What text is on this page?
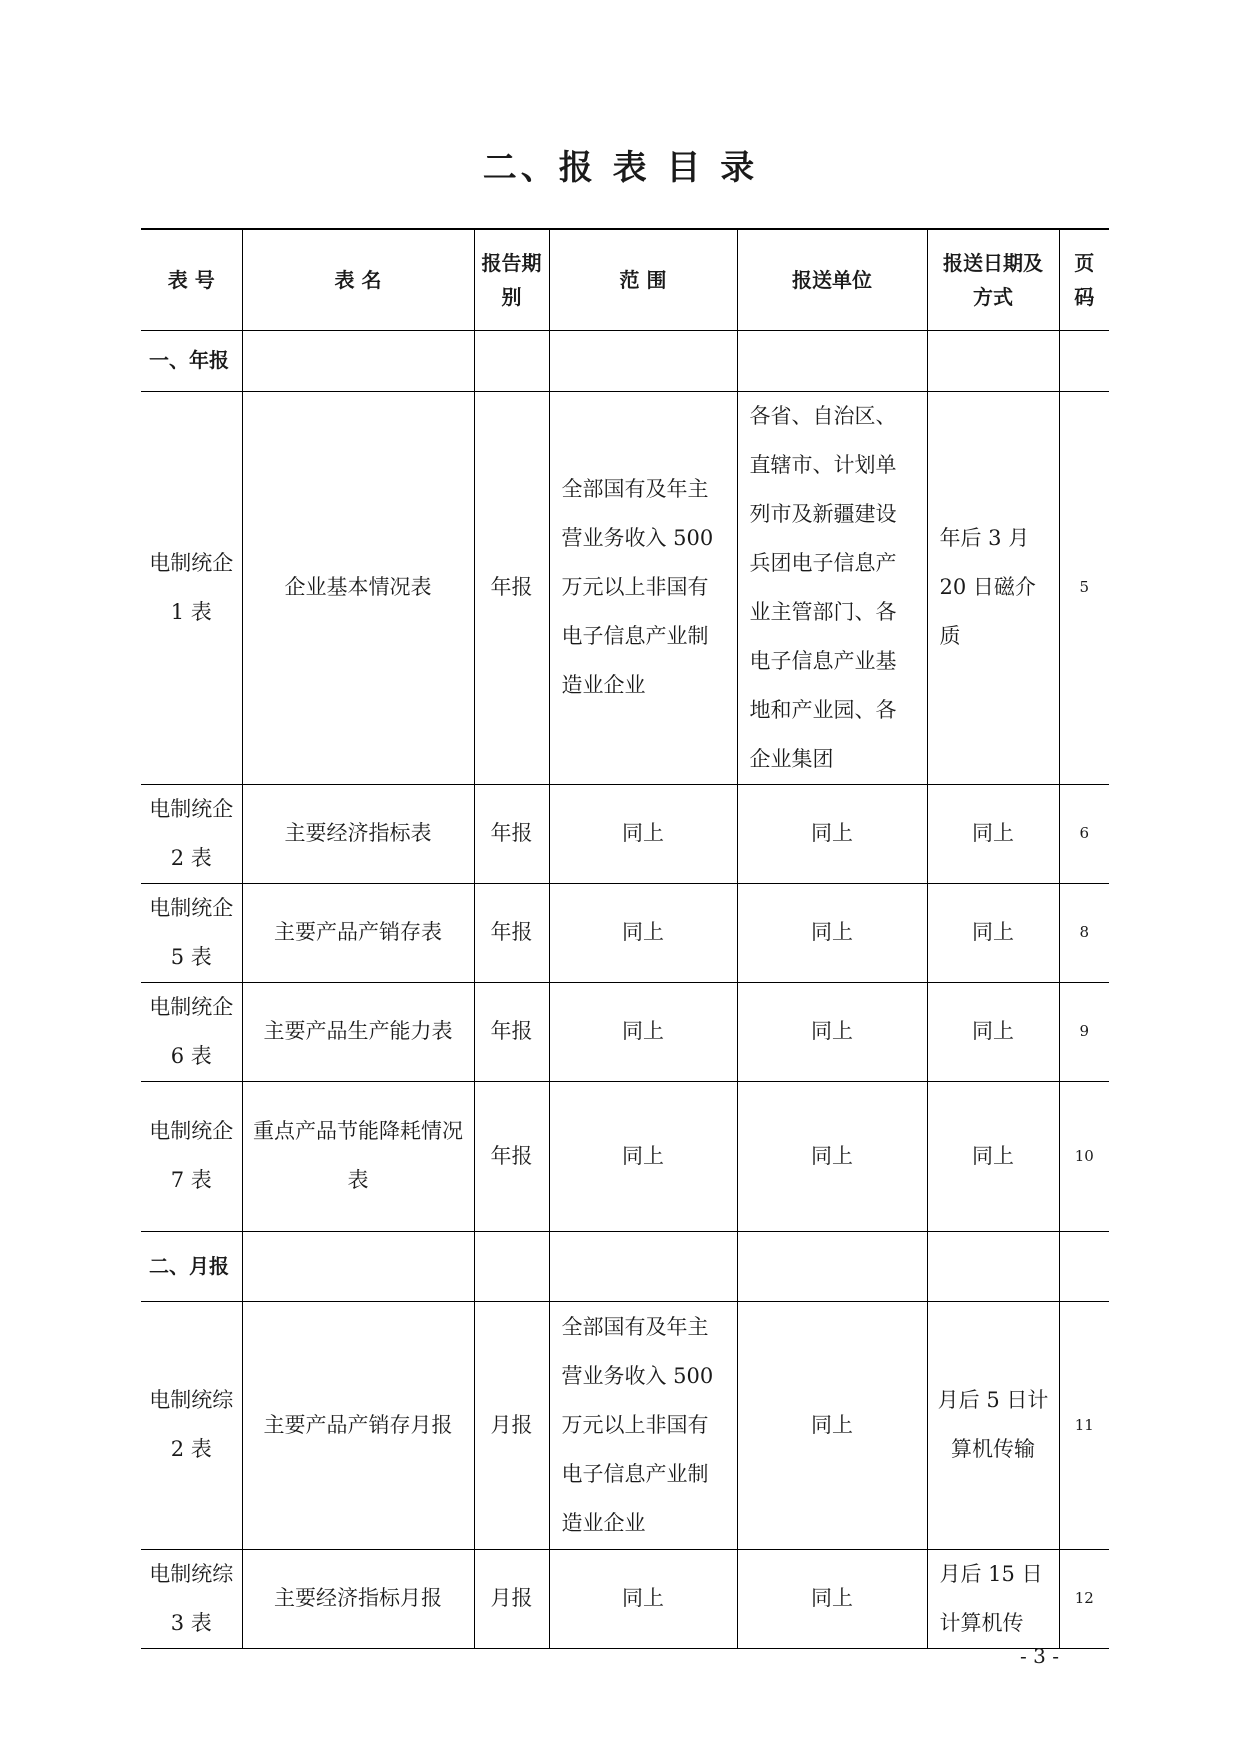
二、报 表 目 录
表 号	表 名	报告期别	范 围	报送单位	报送日期及方式	页码
一、年报						
电制统企 1 表	企业基本情况表	年报	全部国有及年主营业务收入 500 万元以上非国有电子信息产业制造业企业	各省、自治区、直辖市、计划单列市及新疆建设兵团电子信息产业主管部门、各电子信息产业基地和产业园、各企业集团	年后 3 月 20 日磁介质	5
电制统企 2 表	主要经济指标表	年报	同上	同上	同上	6
电制统企 5 表	主要产品产销存表	年报	同上	同上	同上	8
电制统企 6 表	主要产品生产能力表	年报	同上	同上	同上	9
电制统企 7 表	重点产品节能降耗情况表	年报	同上	同上	同上	10
二、月报						
电制统综 2 表	主要产品产销存月报	月报	全部国有及年主营业务收入 500 万元以上非国有电子信息产业制造业企业	同上	月后 5 日计算机传输	11
电制统综 3 表	主要经济指标月报	月报	同上	同上	月后 15 日计算机传	12
- 3 -
